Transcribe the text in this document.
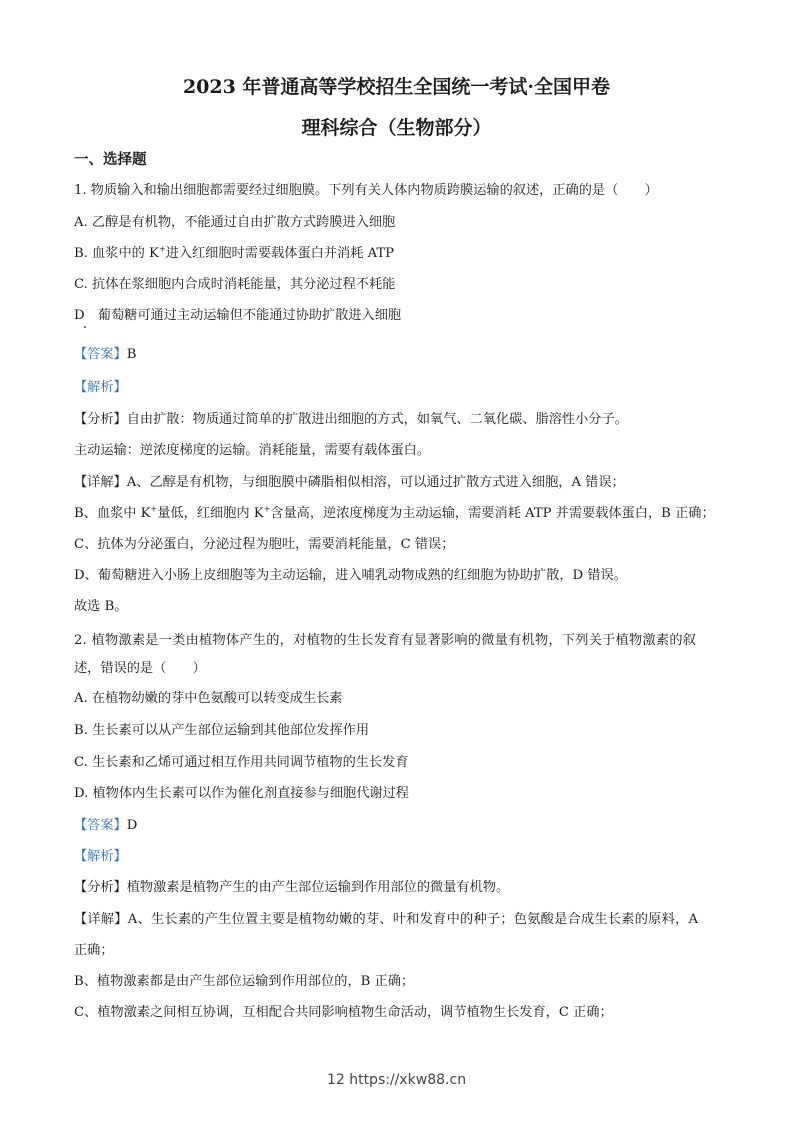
2023 年普通高等学校招生全国统一考试·全国甲卷
理科综合（生物部分）
一、选择题
1. 物质输入和输出细胞都需要经过细胞膜。下列有关人体内物质跨膜运输的叙述，正确的是（　　）
A. 乙醇是有机物，不能通过自由扩散方式跨膜进入细胞
B. 血浆中的 K+进入红细胞时需要载体蛋白并消耗 ATP
C. 抗体在浆细胞内合成时消耗能量，其分泌过程不耗能
D　葡萄糖可通过主动运输但不能通过协助扩散进入细胞
【答案】B
【解析】
【分析】自由扩散：物质通过简单的扩散进出细胞的方式，如氧气、二氧化碳、脂溶性小分子。
主动运输：逆浓度梯度的运输。消耗能量，需要有载体蛋白。
【详解】A、乙醇是有机物，与细胞膜中磷脂相似相溶，可以通过扩散方式进入细胞，A 错误；
B、血浆中 K+量低，红细胞内 K+含量高，逆浓度梯度为主动运输，需要消耗 ATP 并需要载体蛋白，B 正确；
C、抗体为分泌蛋白，分泌过程为胞吐，需要消耗能量，C 错误；
D、葡萄糖进入小肠上皮细胞等为主动运输，进入哺乳动物成熟的红细胞为协助扩散，D 错误。
故选 B。
2. 植物激素是一类由植物体产生的，对植物的生长发育有显著影响的微量有机物，下列关于植物激素的叙
述，错误的是（　　）
A. 在植物幼嫩的芽中色氨酸可以转变成生长素
B. 生长素可以从产生部位运输到其他部位发挥作用
C. 生长素和乙烯可通过相互作用共同调节植物的生长发育
D. 植物体内生长素可以作为催化剂直接参与细胞代谢过程
【答案】D
【解析】
【分析】植物激素是植物产生的由产生部位运输到作用部位的微量有机物。
【详解】A、生长素的产生位置主要是植物幼嫩的芽、叶和发育中的种子；色氨酸是合成生长素的原料，A
正确；
B、植物激素都是由产生部位运输到作用部位的，B 正确；
C、植物激素之间相互协调，互相配合共同影响植物生命活动，调节植物生长发育，C 正确；
12 https://xkw88.cn
